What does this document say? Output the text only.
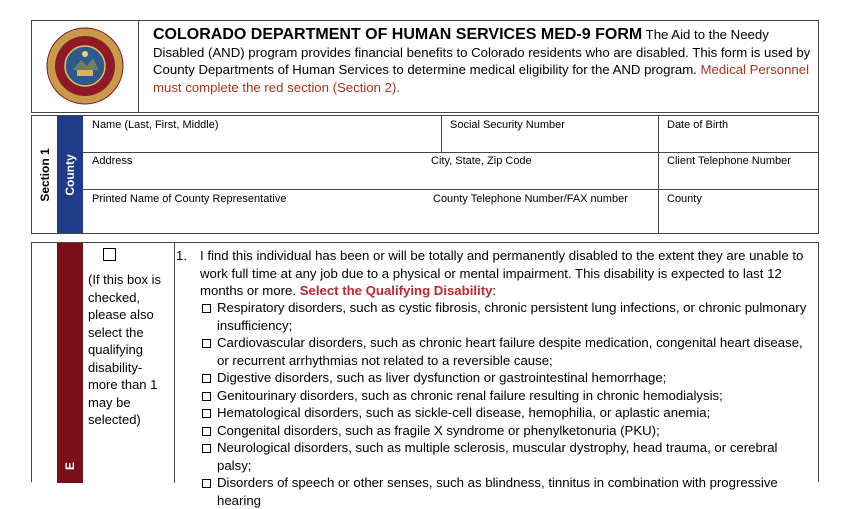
COLORADO DEPARTMENT OF HUMAN SERVICES MED-9 FORM The Aid to the Needy Disabled (AND) program provides financial benefits to Colorado residents who are disabled. This form is used by County Departments of Human Services to determine medical eligibility for the AND program. Medical Personnel must complete the red section (Section 2).
Section 1 County
Name (Last, First, Middle)	Social Security Number	Date of Birth
Address	City, State, Zip Code	Client Telephone Number
Printed Name of County Representative	County Telephone Number/FAX number	County
E
(If this box is checked, please also select the qualifying disability- more than 1 may be selected)
1. I find this individual has been or will be totally and permanently disabled to the extent they are unable to work full time at any job due to a physical or mental impairment. This disability is expected to last 12 months or more. Select the Qualifying Disability:
Respiratory disorders, such as cystic fibrosis, chronic persistent lung infections, or chronic pulmonary insufficiency;
Cardiovascular disorders, such as chronic heart failure despite medication, congenital heart disease, or recurrent arrhythmias not related to a reversible cause;
Digestive disorders, such as liver dysfunction or gastrointestinal hemorrhage;
Genitourinary disorders, such as chronic renal failure resulting in chronic hemodialysis;
Hematological disorders, such as sickle-cell disease, hemophilia, or aplastic anemia;
Congenital disorders, such as fragile X syndrome or phenylketonuria (PKU);
Neurological disorders, such as multiple sclerosis, muscular dystrophy, head trauma, or cerebral palsy;
Disorders of speech or other senses, such as blindness, tinnitus in combination with progressive hearing
